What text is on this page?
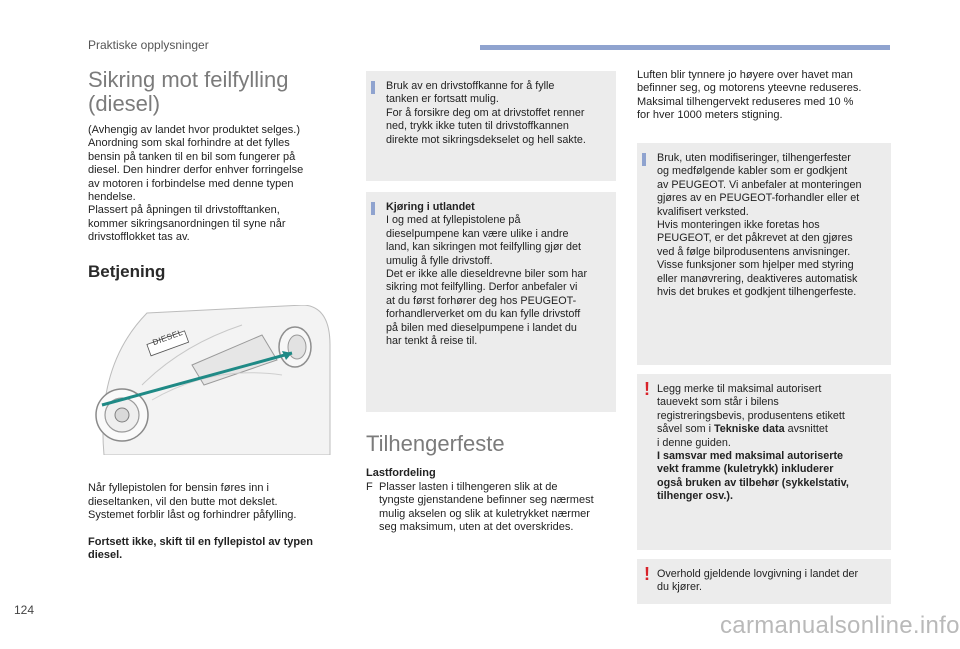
Praktiske opplysninger
Sikring mot feilfylling
(diesel)
(Avhengig av landet hvor produktet selges.)
Anordning som skal forhindre at det fylles
bensin på tanken til en bil som fungerer på
diesel. Den hindrer derfor enhver forringelse
av motoren i forbindelse med denne typen
hendelse.
Plassert på åpningen til drivstofftanken,
kommer sikringsanordningen til syne når
drivstofflokket tas av.
Betjening
DIESEL

Når fyllepistolen for bensin føres inn i
dieseltanken, vil den butte mot dekslet.
Systemet forblir låst og forhindrer påfylling.

Fortsett ikke, skift til en fyllepistol av typen
diesel.

Bruk av en drivstoffkanne for å fylle
tanken er fortsatt mulig.
For å forsikre deg om at drivstoffet renner
ned, trykk ikke tuten til drivstoffkannen
direkte mot sikringsdekselet og hell sakte.
Kjøring i utlandet
I og med at fyllepistolene på
dieselpumpene kan være ulike i andre
land, kan sikringen mot feilfylling gjør det
umulig å fylle drivstoff.
Det er ikke alle dieseldrevne biler som har
sikring mot feilfylling. Derfor anbefaler vi
at du først forhører deg hos PEUGEOT-
forhandlerverket om du kan fylle drivstoff
på bilen med dieselpumpene i landet du
har tenkt å reise til.
Tilhengerfeste
Lastfordeling
F Plasser lasten i tilhengeren slik at de
tyngste gjenstandene befinner seg nærmest
mulig akselen og slik at kuletrykket nærmer
seg maksimum, uten at det overskrides.
Luften blir tynnere jo høyere over havet man
befinner seg, og motorens yteevne reduseres.
Maksimal tilhengervekt reduseres med 10 %
for hver 1000 meters stigning.
Bruk, uten modifiseringer, tilhengerfester
og medfølgende kabler som er godkjent
av PEUGEOT. Vi anbefaler at monteringen
gjøres av en PEUGEOT-forhandler eller et
kvalifisert verksted.
Hvis monteringen ikke foretas hos
PEUGEOT, er det påkrevet at den gjøres
ved å følge bilprodusentens anvisninger.
Visse funksjoner som hjelper med styring
eller manøvrering, deaktiveres automatisk
hvis det brukes et godkjent tilhengerfeste.
! Legg merke til maksimal autorisert
tauevekt som står i bilens
registreringsbevis, produsentens etikett
såvel som i Tekniske data avsnittet
i denne guiden.
I samsvar med maksimal autoriserte
vekt framme (kuletrykk) inkluderer
også bruken av tilbehør (sykkelstativ,
tilhenger osv.).
! Overhold gjeldende lovgivning i landet der
du kjører.
124
carmanualsonline.info
